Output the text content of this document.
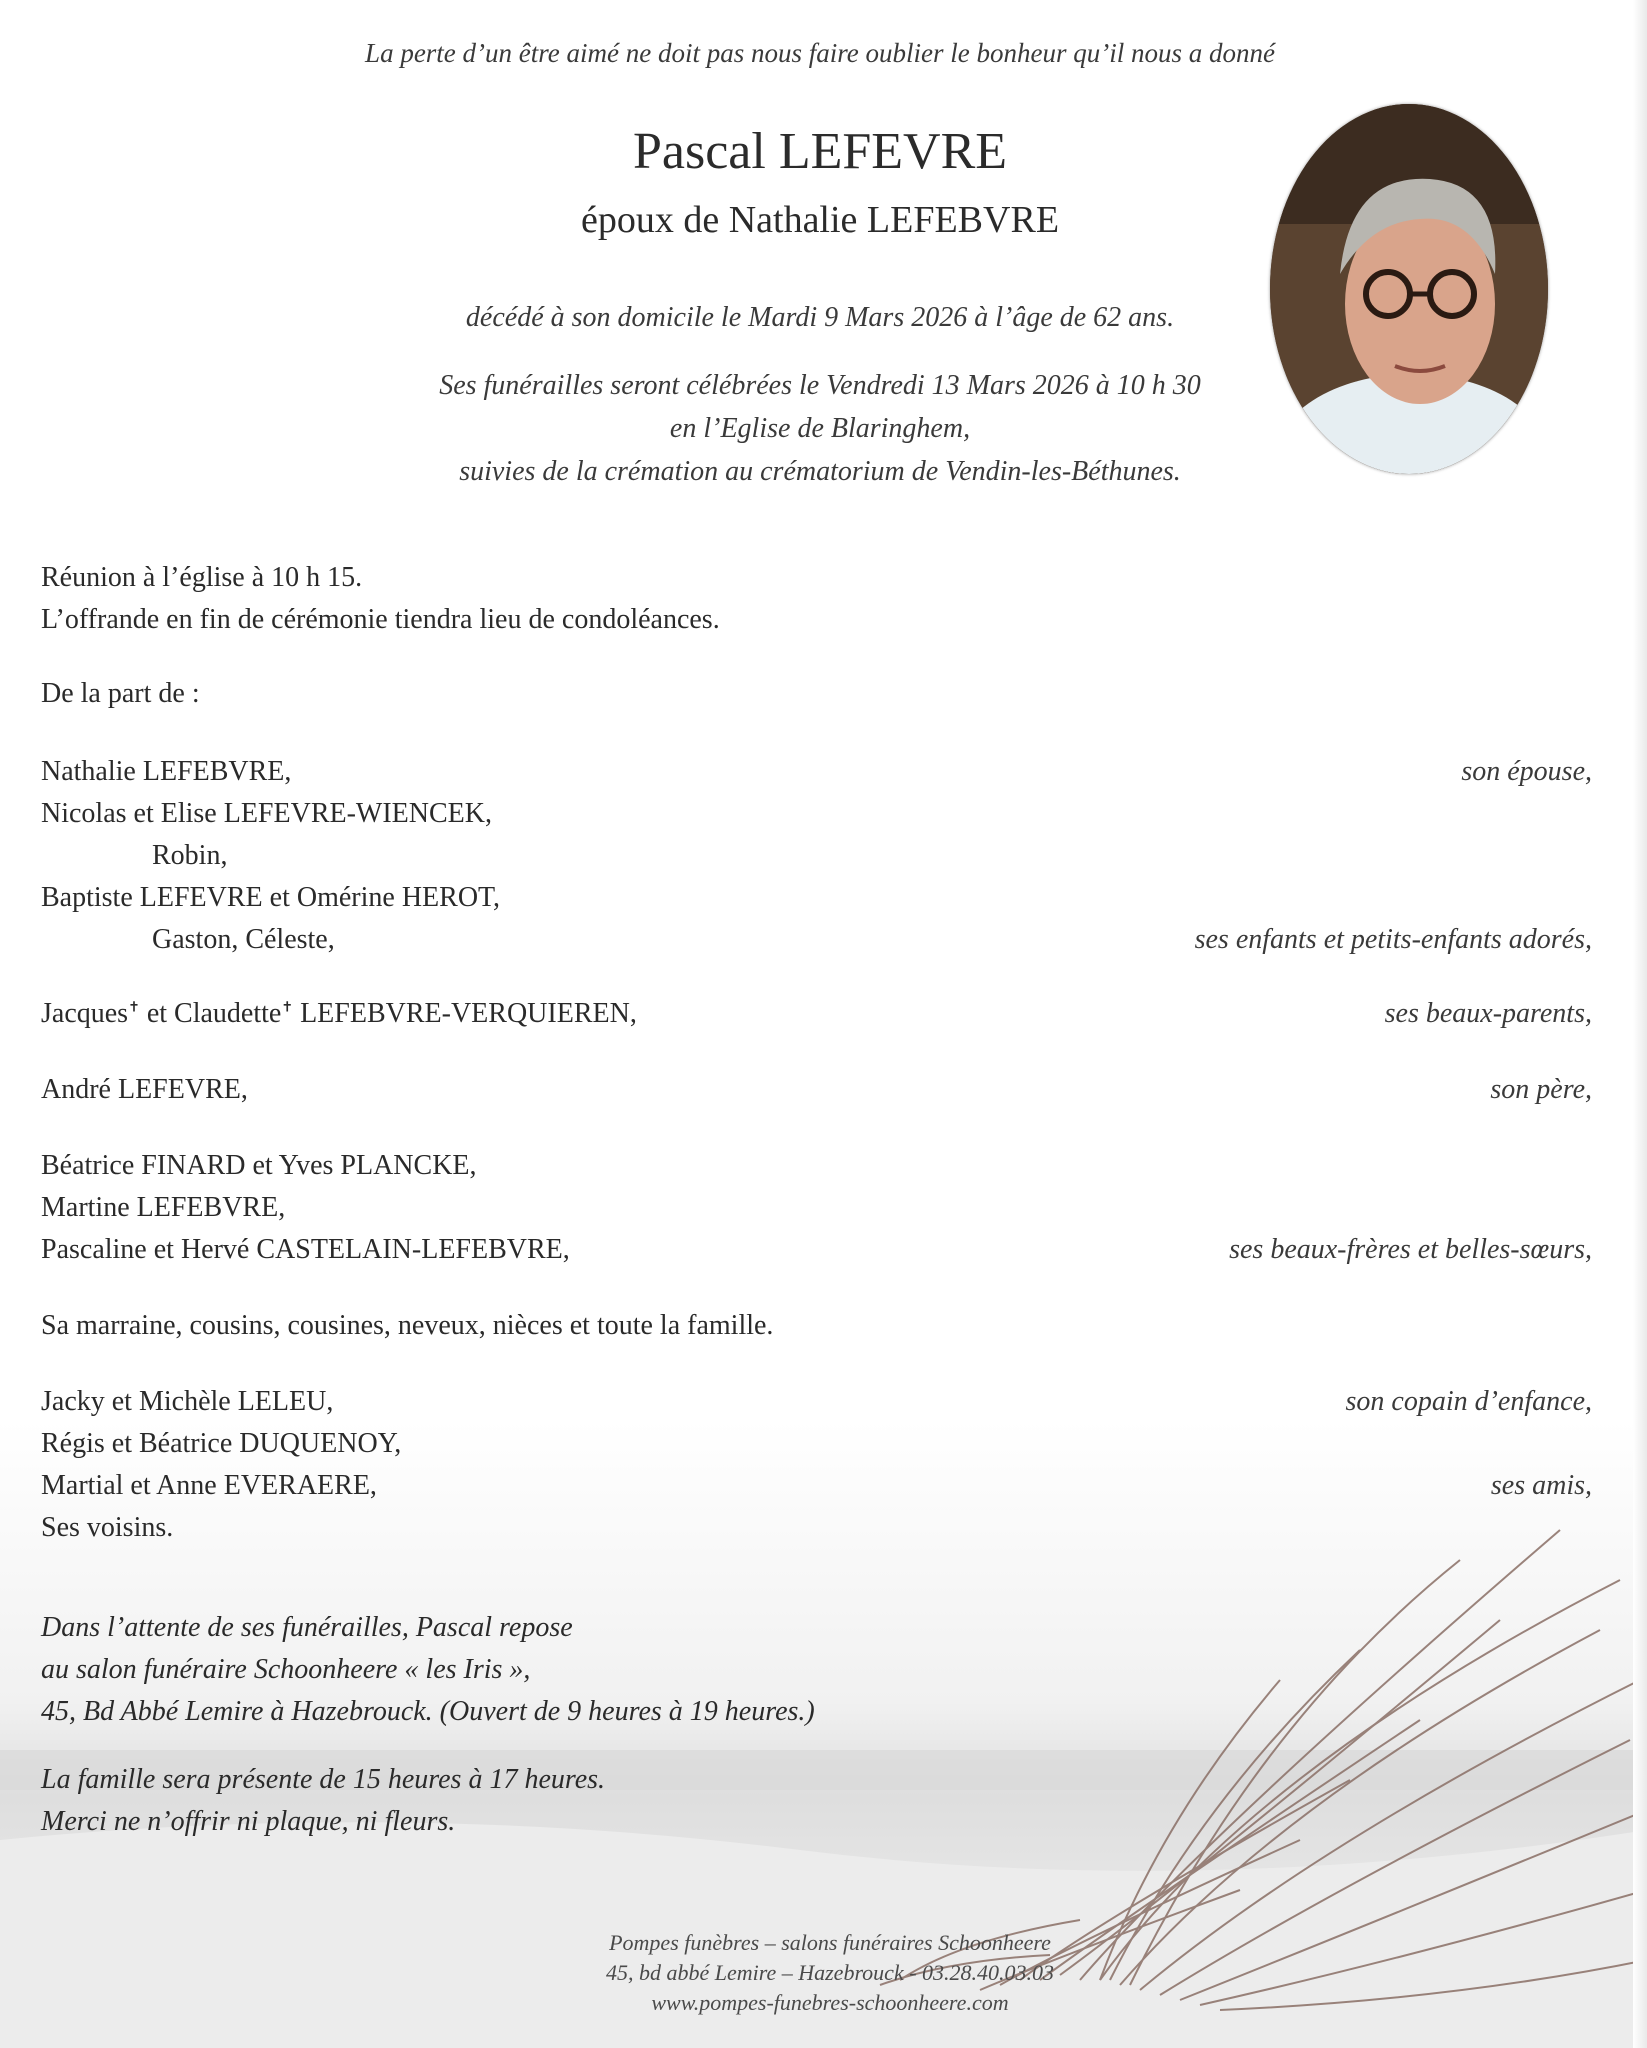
La perte d’un être aimé ne doit pas nous faire oublier le bonheur qu’il nous a donné
Pascal LEFEVRE
époux de Nathalie LEFEBVRE
décédé à son domicile le Mardi 9 Mars 2026 à l’âge de 62 ans.
Ses funérailles seront célébrées le Vendredi 13 Mars 2026 à 10 h 30
en l’Eglise de Blaringhem,
suivies de la crémation au crématorium de Vendin-les-Béthunes.
Réunion à l’église à 10 h 15.
L’offrande en fin de cérémonie tiendra lieu de condoléances.
De la part de :
Nathalie LEFEBVRE,	son épouse,
Nicolas et Elise LEFEVRE-WIENCEK,
Robin,
Baptiste LEFEVRE et Omérine HEROT,
Gaston, Céleste,	ses enfants et petits-enfants adorés,
Jacques✝ et Claudette✝ LEFEBVRE-VERQUIEREN,	ses beaux-parents,
André LEFEVRE,	son père,
Béatrice FINARD et Yves PLANCKE,
Martine LEFEBVRE,
Pascaline et Hervé CASTELAIN-LEFEBVRE,	ses beaux-frères et belles-sœurs,
Sa marraine, cousins, cousines, neveux, nièces et toute la famille.
Jacky et Michèle LELEU,	son copain d’enfance,
Régis et Béatrice DUQUENOY,
Martial et Anne EVERAERE,	ses amis,
Ses voisins.
Dans l’attente de ses funérailles, Pascal repose
au salon funéraire Schoonheere « les Iris »,
45, Bd Abbé Lemire à Hazebrouck. (Ouvert de 9 heures à 19 heures.)
La famille sera présente de 15 heures à 17 heures.
Merci ne n’offrir ni plaque, ni fleurs.
Pompes funèbres – salons funéraires Schoonheere
45, bd abbé Lemire – Hazebrouck - 03.28.40.03.03
www.pompes-funebres-schoonheere.com
